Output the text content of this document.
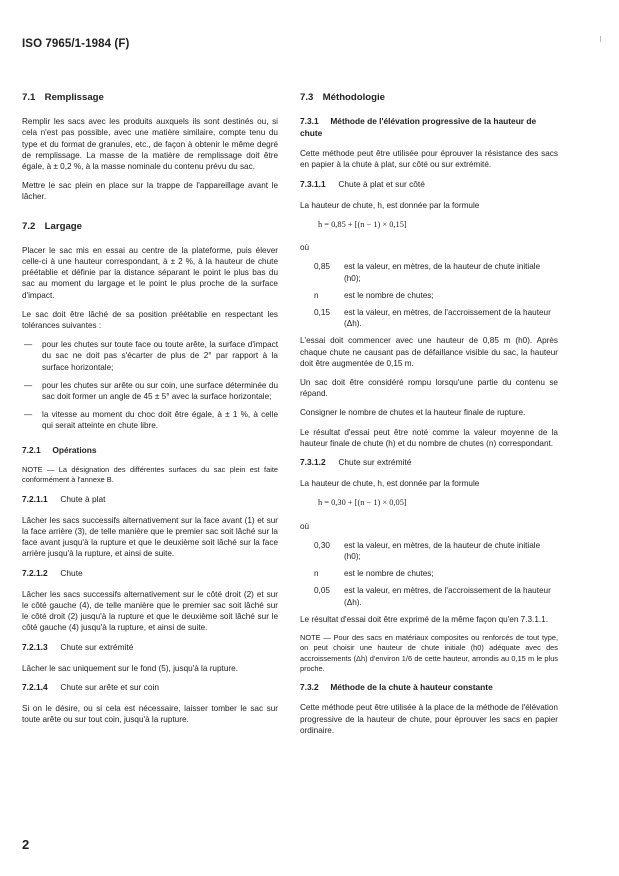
ISO 7965/1-1984 (F)
7.1 Remplissage

Remplir les sacs avec les produits auxquels ils sont destinés ou, si cela n'est pas possible, avec une matière similaire, compte tenu du type et du format de granules, etc., de façon à obtenir le même degré de remplissage. La masse de la matière de remplissage doit être égale, à ± 0,2 %, à la masse nominale du contenu prévu du sac.

Mettre le sac plein en place sur la trappe de l'appareillage avant le lâcher.

7.2 Largage

Placer le sac mis en essai au centre de la plateforme, puis élever celle-ci à une hauteur correspondant, à ± 2 %, à la hauteur de chute préétablie et définie par la distance séparant le point le plus bas du sac au moment du largage et le point le plus proche de la surface d'impact.

Le sac doit être lâché de sa position préétablie en respectant les tolérances suivantes :

—	pour les chutes sur toute face ou toute arête, la surface d'impact du sac ne doit pas s'écarter de plus de 2° par rapport à la surface horizontale;
—	pour les chutes sur arête ou sur coin, une surface déterminée du sac doit former un angle de 45 ± 5° avec la surface horizontale;
—	la vitesse au moment du choc doit être égale, à ± 1 %, à celle qui serait atteinte en chute libre.
7.2.1 Opérations

NOTE — La désignation des différentes surfaces du sac plein est faite conformément à l'annexe B.

7.2.1.1 Chute à plat

Lâcher les sacs successifs alternativement sur la face avant (1) et sur la face arrière (3), de telle manière que le premier sac soit lâché sur la face avant jusqu'à la rupture et que le deuxième soit lâché sur la face arrière jusqu'à la rupture, et ainsi de suite.

7.2.1.2 Chute

Lâcher les sacs successifs alternativement sur le côté droit (2) et sur le côté gauche (4), de telle manière que le premier sac soit lâché sur le côté droit (2) jusqu'à la rupture et que le deuxième soit lâché sur le côté gauche (4) jusqu'à la rupture, et ainsi de suite.

7.2.1.3 Chute sur extrémité

Lâcher le sac uniquement sur le fond (5), jusqu'à la rupture.

7.2.1.4 Chute sur arête et sur coin

Si on le désire, ou si cela est nécessaire, laisser tomber le sac sur toute arête ou sur tout coin, jusqu'à la rupture.

7.3 Méthodologie
7.3.1 Méthode de l'élévation progressive de la hauteur de chute

Cette méthode peut être utilisée pour éprouver la résistance des sacs en papier à la chute à plat, sur côté ou sur extrémité.

7.3.1.1 Chute à plat et sur côté

La hauteur de chute, h, est donnée par la formule

h = 0,85 + [(n − 1) × 0,15]

où

0,85	est la valeur, en mètres, de la hauteur de chute initiale (h0);
n	est le nombre de chutes;
0,15	est la valeur, en mètres, de l'accroissement de la hauteur (Δh).

L'essai doit commencer avec une hauteur de 0,85 m (h0). Après chaque chute ne causant pas de défaillance visible du sac, la hauteur doit être augmentée de 0,15 m.

Un sac doit être considéré rompu lorsqu'une partie du contenu se répand.

Consigner le nombre de chutes et la hauteur finale de rupture.

Le résultat d'essai peut être noté comme la valeur moyenne de la hauteur finale de chute (h) et du nombre de chutes (n) correspondant.

7.3.1.2 Chute sur extrémité

La hauteur de chute, h, est donnée par la formule

h = 0,30 + [(n − 1) × 0,05]

où

0,30	est la valeur, en mètres, de la hauteur de chute initiale (h0);
n	est le nombre de chutes;
0,05	est la valeur, en mètres, de l'accroissement de la hauteur (Δh).

Le résultat d'essai doit être exprimé de la même façon qu'en 7.3.1.1.

NOTE — Pour des sacs en matériaux composites ou renforcés de tout type, on peut choisir une hauteur de chute initiale (h0) adéquate avec des accroissements (Δh) d'environ 1/6 de cette hauteur, arrondis au 0,15 m le plus proche.

7.3.2 Méthode de la chute à hauteur constante

Cette méthode peut être utilisée à la place de la méthode de l'élévation progressive de la hauteur de chute, pour éprouver les sacs en papier ordinaire.

2
